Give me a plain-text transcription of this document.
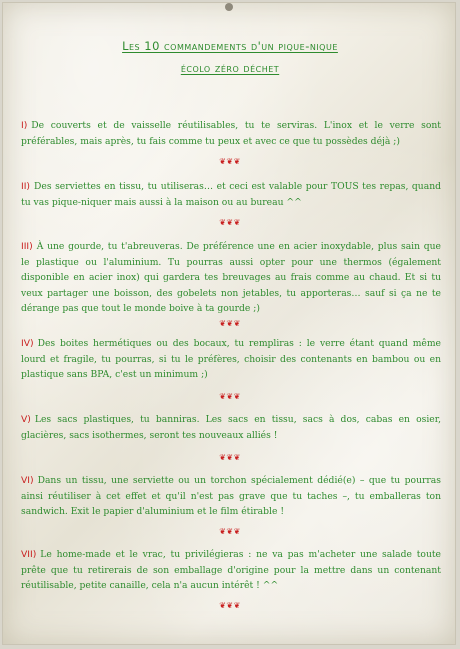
Les 10 commandements d'un pique-nique
écolo zéro déchet
I) De couverts et de vaisselle réutilisables, tu te serviras. L'inox et le verre sont préférables, mais après, tu fais comme tu peux et avec ce que tu possèdes déjà ;)
❦❦❦
II) Des serviettes en tissu, tu utiliseras… et ceci est valable pour TOUS tes repas, quand tu vas pique-niquer mais aussi à la maison ou au bureau ^^
❦❦❦
III) À une gourde, tu t'abreuveras. De préférence une en acier inoxydable, plus sain que le plastique ou l'aluminium. Tu pourras aussi opter pour une thermos (également disponible en acier inox) qui gardera tes breuvages au frais comme au chaud. Et si tu veux partager une boisson, des gobelets non jetables, tu apporteras… sauf si ça ne te dérange pas que tout le monde boive à ta gourde ;)
❦❦❦
IV) Des boites hermétiques ou des bocaux, tu rempliras : le verre étant quand même lourd et fragile, tu pourras, si tu le préfères, choisir des contenants en bambou ou en plastique sans BPA, c'est un minimum ;)
❦❦❦
V) Les sacs plastiques, tu banniras. Les sacs en tissu, sacs à dos, cabas en osier, glacières, sacs isothermes, seront tes nouveaux alliés !
❦❦❦
VI) Dans un tissu, une serviette ou un torchon spécialement dédié(e) – que tu pourras ainsi réutiliser à cet effet et qu'il n'est pas grave que tu taches –, tu emballeras ton sandwich. Exit le papier d'aluminium et le film étirable !
❦❦❦
VII) Le home-made et le vrac, tu privilégieras : ne va pas m'acheter une salade toute prête que tu retirerais de son emballage d'origine pour la mettre dans un contenant réutilisable, petite canaille, cela n'a aucun intérêt ! ^^
❦❦❦
